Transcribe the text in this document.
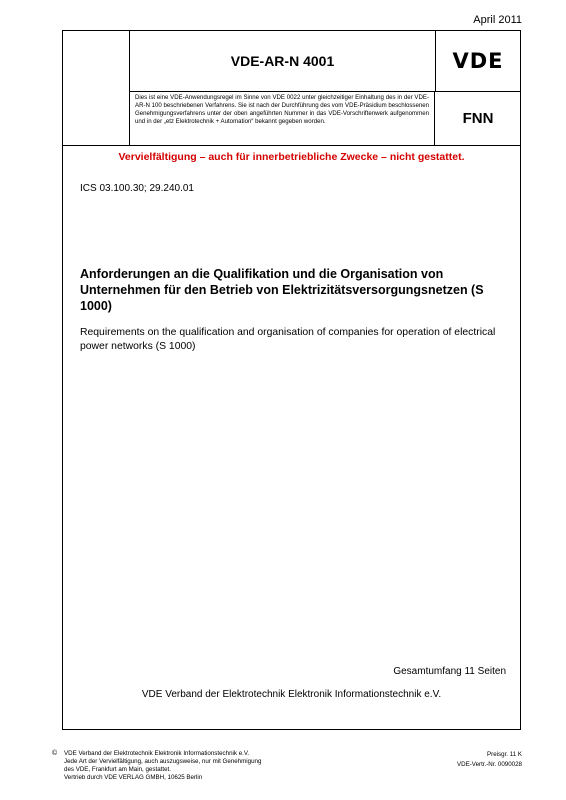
April 2011
VDE-AR-N 4001	VDE
Dies ist eine VDE-Anwendungsregel im Sinne von VDE 0022 unter gleichzeitiger Einhaltung des in der VDE-AR-N 100 beschriebenen Verfahrens. Sie ist nach der Durchführung des vom VDE-Präsidium beschlossenen Genehmigungsverfahrens unter der oben angeführten Nummer in das VDE-Vorschriftenwerk aufgenommen und in der „etz Elektrotechnik + Automation“ bekannt gegeben worden.	FNN
Vervielfältigung – auch für innerbetriebliche Zwecke – nicht gestattet.
ICS 03.100.30; 29.240.01
Anforderungen an die Qualifikation und die Organisation von Unternehmen für den Betrieb von Elektrizitätsversorgungsnetzen (S 1000)
Requirements on the qualification and organisation of companies for operation of electrical power networks (S 1000)
Gesamtumfang 11 Seiten
VDE Verband der Elektrotechnik Elektronik Informationstechnik e.V.
©	VDE Verband der Elektrotechnik Elektronik Informationstechnik e.V.
Jede Art der Vervielfältigung, auch auszugsweise, nur mit Genehmigung
des VDE, Frankfurt am Main, gestattet.
Vertrieb durch VDE VERLAG GMBH, 10625 Berlin
Preisgr. 11 K
VDE-Vertr.-Nr. 0090028
